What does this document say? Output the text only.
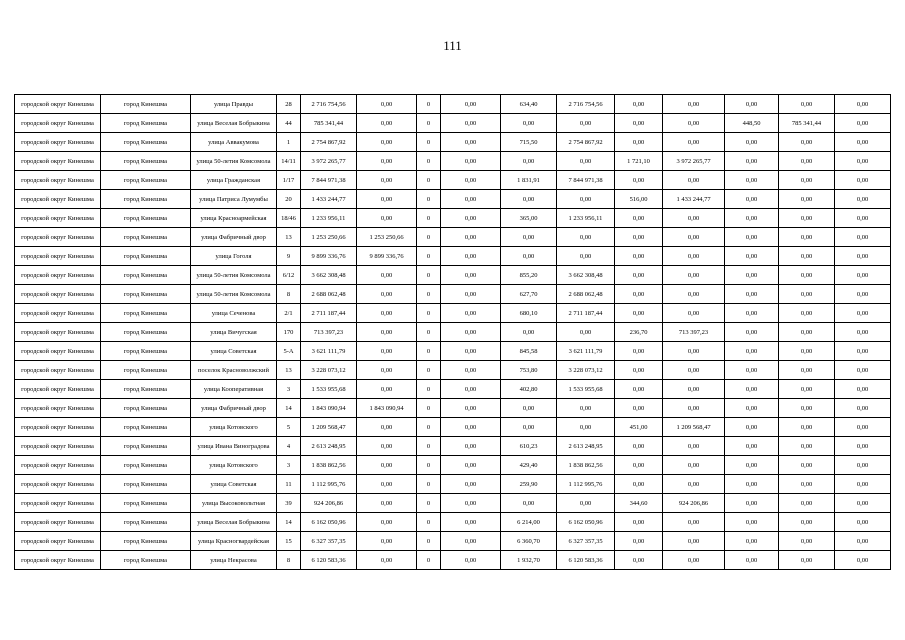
111
городской округ Кинешма	город Кинешма	улица Правды	28	2 716 754,56	0,00	0	0,00	634,40	2 716 754,56	0,00	0,00	0,00	0,00	0,00
городской округ Кинешма	город Кинешма	улица Веселая Бобрыкина	44	785 341,44	0,00	0	0,00	0,00	0,00	0,00	0,00	448,50	785 341,44	0,00
городской округ Кинешма	город Кинешма	улица Аввакумова	1	2 754 867,92	0,00	0	0,00	715,50	2 754 867,92	0,00	0,00	0,00	0,00	0,00
городской округ Кинешма	город Кинешма	улица 50-летия Комсомола	14/11	3 972 265,77	0,00	0	0,00	0,00	0,00	1 721,10	3 972 265,77	0,00	0,00	0,00
городской округ Кинешма	город Кинешма	улица Гражданская	1/17	7 844 971,38	0,00	0	0,00	1 831,91	7 844 971,38	0,00	0,00	0,00	0,00	0,00
городской округ Кинешма	город Кинешма	улица Патриса Лумумбы	20	1 433 244,77	0,00	0	0,00	0,00	0,00	516,00	1 433 244,77	0,00	0,00	0,00
городской округ Кинешма	город Кинешма	улица Красноармейская	18/46	1 233 956,11	0,00	0	0,00	365,00	1 233 956,11	0,00	0,00	0,00	0,00	0,00
городской округ Кинешма	город Кинешма	улица Фабричный двор	13	1 253 250,66	1 253 250,66	0	0,00	0,00	0,00	0,00	0,00	0,00	0,00	0,00
городской округ Кинешма	город Кинешма	улица Гоголя	9	9 899 336,76	9 899 336,76	0	0,00	0,00	0,00	0,00	0,00	0,00	0,00	0,00
городской округ Кинешма	город Кинешма	улица 50-летия Комсомола	6/12	3 662 308,48	0,00	0	0,00	855,20	3 662 308,48	0,00	0,00	0,00	0,00	0,00
городской округ Кинешма	город Кинешма	улица 50-летия Комсомола	8	2 688 062,48	0,00	0	0,00	627,70	2 688 062,48	0,00	0,00	0,00	0,00	0,00
городской округ Кинешма	город Кинешма	улица Сеченова	2/1	2 711 187,44	0,00	0	0,00	680,10	2 711 187,44	0,00	0,00	0,00	0,00	0,00
городской округ Кинешма	город Кинешма	улица Вичугская	170	713 397,23	0,00	0	0,00	0,00	0,00	236,70	713 397,23	0,00	0,00	0,00
городской округ Кинешма	город Кинешма	улица Советская	5-А	3 621 111,79	0,00	0	0,00	845,58	3 621 111,79	0,00	0,00	0,00	0,00	0,00
городской округ Кинешма	город Кинешма	поселок Красноволжский	13	3 228 073,12	0,00	0	0,00	753,80	3 228 073,12	0,00	0,00	0,00	0,00	0,00
городской округ Кинешма	город Кинешма	улица Кооперативная	3	1 533 955,68	0,00	0	0,00	402,80	1 533 955,68	0,00	0,00	0,00	0,00	0,00
городской округ Кинешма	город Кинешма	улица Фабричный двор	14	1 843 090,94	1 843 090,94	0	0,00	0,00	0,00	0,00	0,00	0,00	0,00	0,00
городской округ Кинешма	город Кинешма	улица Котовского	5	1 209 568,47	0,00	0	0,00	0,00	0,00	451,00	1 209 568,47	0,00	0,00	0,00
городской округ Кинешма	город Кинешма	улица Ивана Виноградова	4	2 613 248,95	0,00	0	0,00	610,23	2 613 248,95	0,00	0,00	0,00	0,00	0,00
городской округ Кинешма	город Кинешма	улица Котовского	3	1 838 862,56	0,00	0	0,00	429,40	1 838 862,56	0,00	0,00	0,00	0,00	0,00
городской округ Кинешма	город Кинешма	улица Советская	11	1 112 995,76	0,00	0	0,00	259,90	1 112 995,76	0,00	0,00	0,00	0,00	0,00
городской округ Кинешма	город Кинешма	улица Высоковольтная	39	924 206,86	0,00	0	0,00	0,00	0,00	344,60	924 206,86	0,00	0,00	0,00
городской округ Кинешма	город Кинешма	улица Веселая Бобрыкина	14	6 162 050,96	0,00	0	0,00	6 214,00	6 162 050,96	0,00	0,00	0,00	0,00	0,00
городской округ Кинешма	город Кинешма	улица Красногвардейская	15	6 327 357,35	0,00	0	0,00	6 360,70	6 327 357,35	0,00	0,00	0,00	0,00	0,00
городской округ Кинешма	город Кинешма	улица Некрасова	8	6 120 583,36	0,00	0	0,00	1 932,70	6 120 583,36	0,00	0,00	0,00	0,00	0,00
